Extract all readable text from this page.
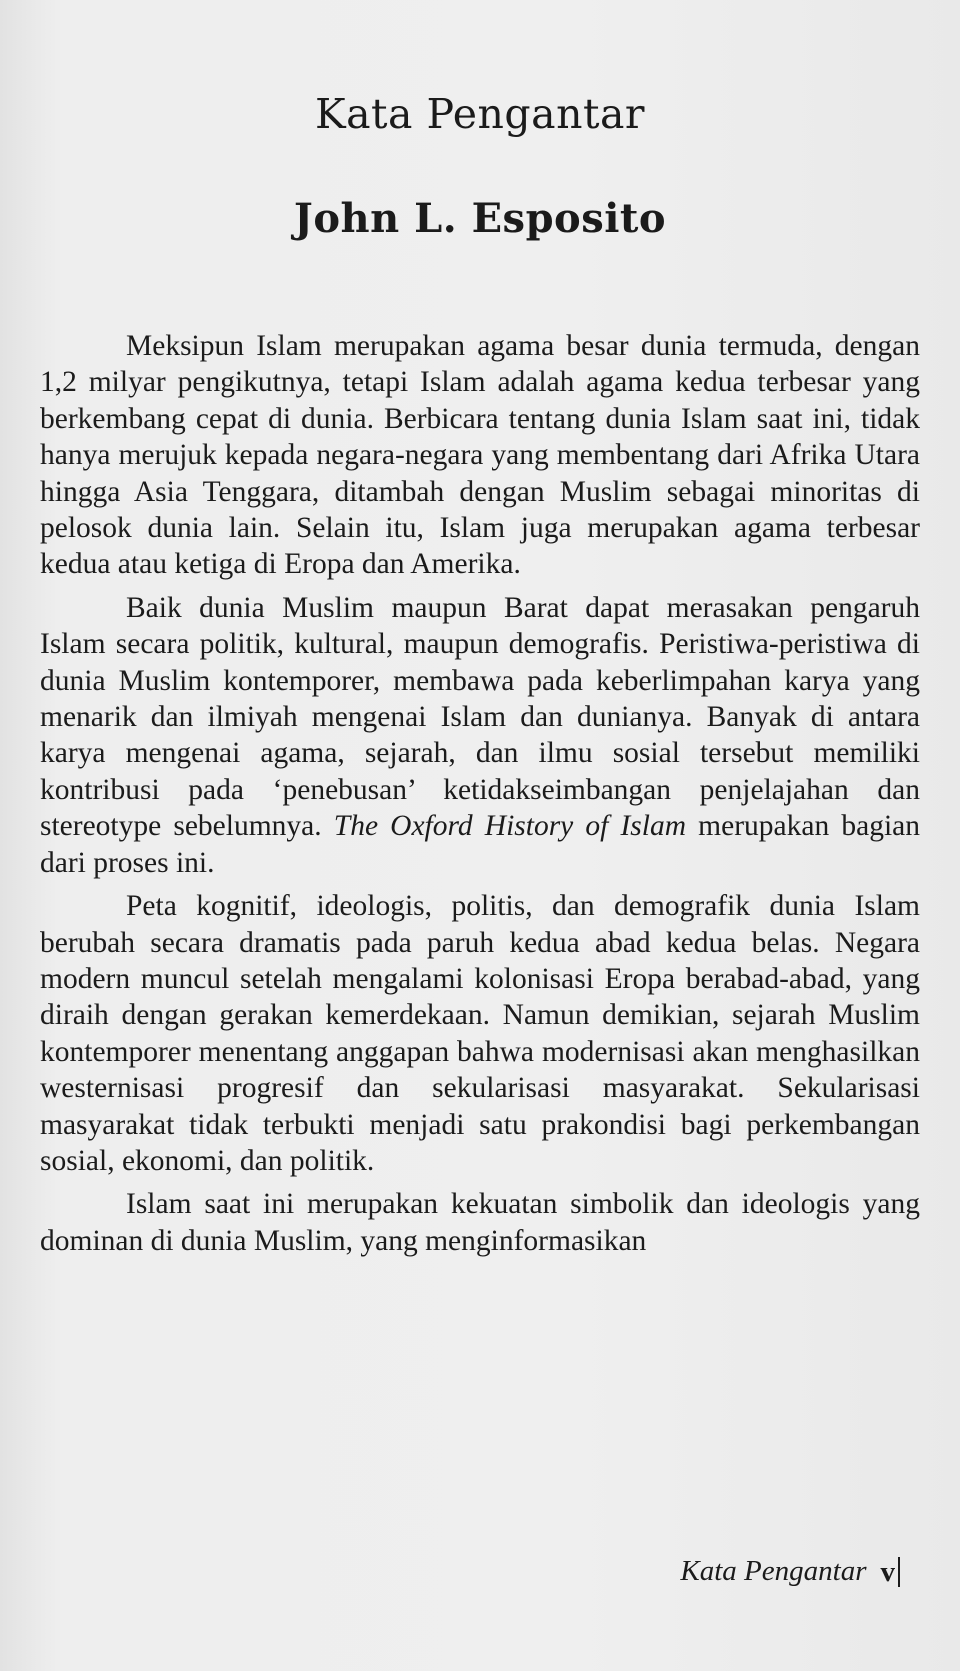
Kata Pengantar
John L. Esposito

Meksipun Islam merupakan agama besar dunia termuda, dengan 1,2 milyar pengikutnya, tetapi Islam adalah agama kedua terbesar yang berkembang cepat di dunia. Berbicara tentang dunia Islam saat ini, tidak hanya merujuk kepada negara-negara yang membentang dari Afrika Utara hingga Asia Tenggara, ditambah dengan Muslim sebagai minoritas di pelosok dunia lain. Selain itu, Islam juga merupakan agama terbesar kedua atau ketiga di Eropa dan Amerika.

Baik dunia Muslim maupun Barat dapat merasakan pengaruh Islam secara politik, kultural, maupun demografis. Peristiwa-peristiwa di dunia Muslim kontemporer, membawa pada keberlimpahan karya yang menarik dan ilmiyah mengenai Islam dan dunianya. Banyak di antara karya mengenai agama, sejarah, dan ilmu sosial tersebut memiliki kontribusi pada ‘penebusan’ ketidakseimbangan penjelajahan dan stereotype sebelumnya. The Oxford History of Islam merupakan bagian dari proses ini.

Peta kognitif, ideologis, politis, dan demografik dunia Islam berubah secara dramatis pada paruh kedua abad kedua belas. Negara modern muncul setelah mengalami kolonisasi Eropa berabad-abad, yang diraih dengan gerakan kemerdekaan. Namun demikian, sejarah Muslim kontemporer menentang anggapan bahwa modernisasi akan menghasilkan westernisasi progresif dan sekularisasi masyarakat. Sekularisasi masyarakat tidak terbukti menjadi satu prakondisi bagi perkembangan sosial, ekonomi, dan politik.

Islam saat ini merupakan kekuatan simbolik dan ideologis yang dominan di dunia Muslim, yang menginformasikan

Kata Pengantar v
